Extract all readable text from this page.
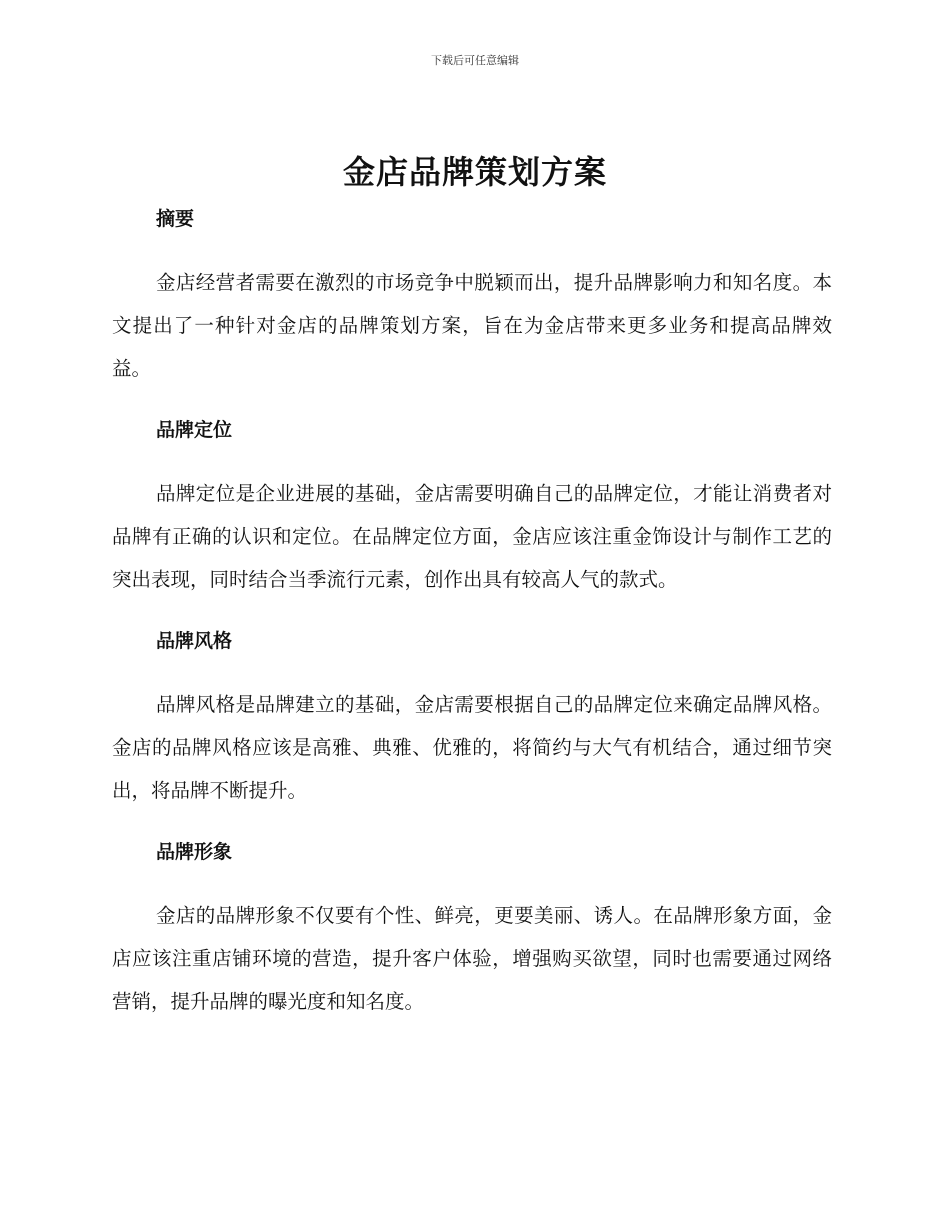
下载后可任意编辑
金店品牌策划方案
摘要

金店经营者需要在激烈的市场竞争中脱颖而出，提升品牌影响力和知名度。本文提出了一种针对金店的品牌策划方案，旨在为金店带来更多业务和提高品牌效益。

品牌定位

品牌定位是企业进展的基础，金店需要明确自己的品牌定位，才能让消费者对品牌有正确的认识和定位。在品牌定位方面，金店应该注重金饰设计与制作工艺的突出表现，同时结合当季流行元素，创作出具有较高人气的款式。

品牌风格

品牌风格是品牌建立的基础，金店需要根据自己的品牌定位来确定品牌风格。金店的品牌风格应该是高雅、典雅、优雅的，将简约与大气有机结合，通过细节突出，将品牌不断提升。

品牌形象

金店的品牌形象不仅要有个性、鲜亮，更要美丽、诱人。在品牌形象方面，金店应该注重店铺环境的营造，提升客户体验，增强购买欲望，同时也需要通过网络营销，提升品牌的曝光度和知名度。
